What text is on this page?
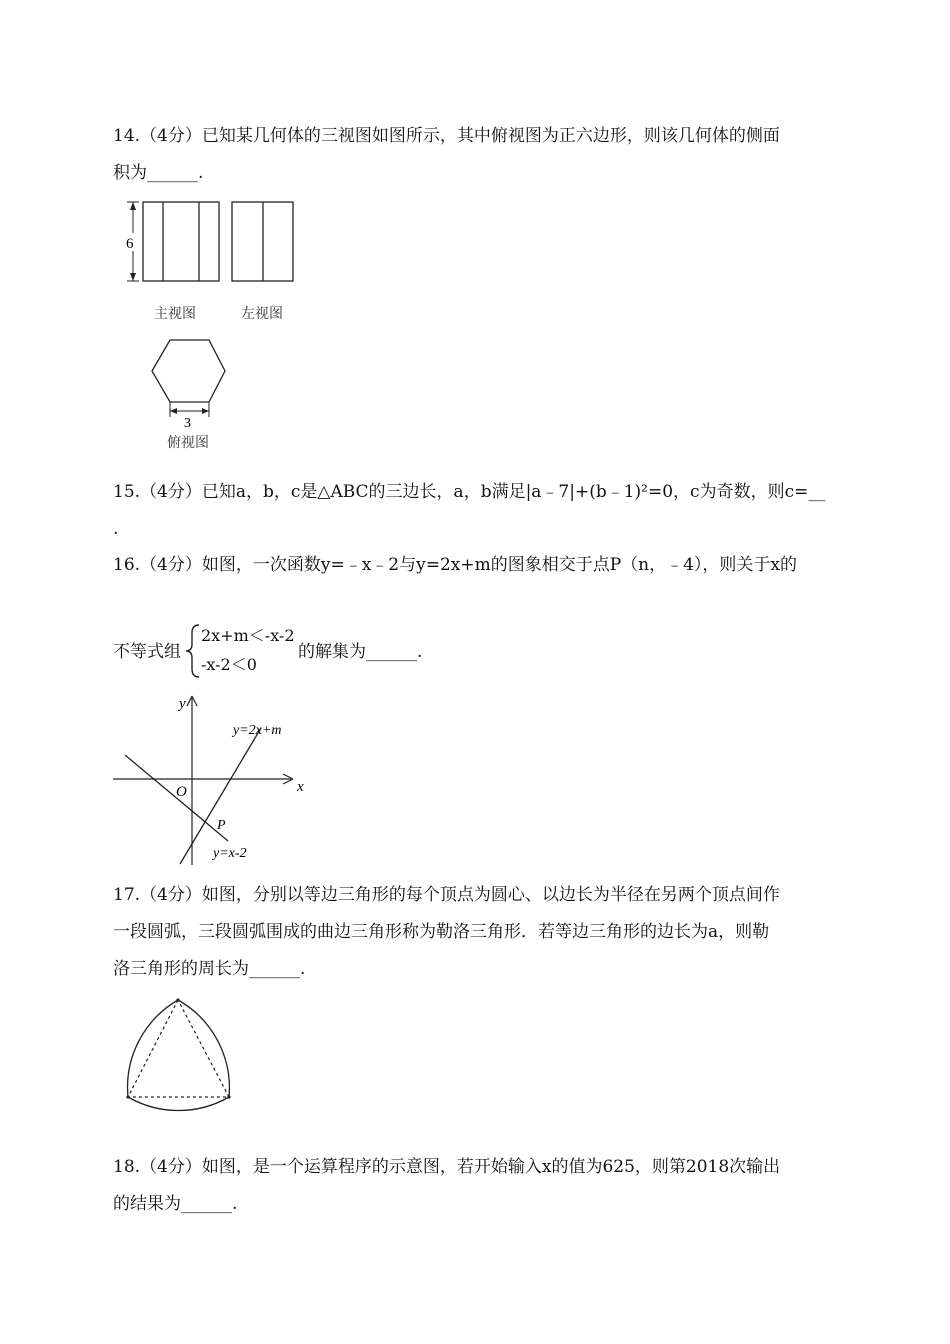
14.（4分）已知某几何体的三视图如图所示，其中俯视图为正六边形，则该几何体的侧面
积为______.
6
主视图	左视图
3
俯视图
15.（4分）已知a，b，c是△ABC的三边长，a，b满足|a﹣7|+(b﹣1)²=0，c为奇数，则c=__
.
16.（4分）如图，一次函数y=﹣x﹣2与y=2x+m的图象相交于点P（n，﹣4），则关于x的
不等式组
2x+m＜-x-2
-x-2＜0
的解集为______.
x
y
O
P
y=2x+m
y=x-2
17.（4分）如图，分别以等边三角形的每个顶点为圆心、以边长为半径在另两个顶点间作
一段圆弧，三段圆弧围成的曲边三角形称为勒洛三角形．若等边三角形的边长为a，则勒
洛三角形的周长为______.
18.（4分）如图，是一个运算程序的示意图，若开始输入x的值为625，则第2018次输出
的结果为______.
